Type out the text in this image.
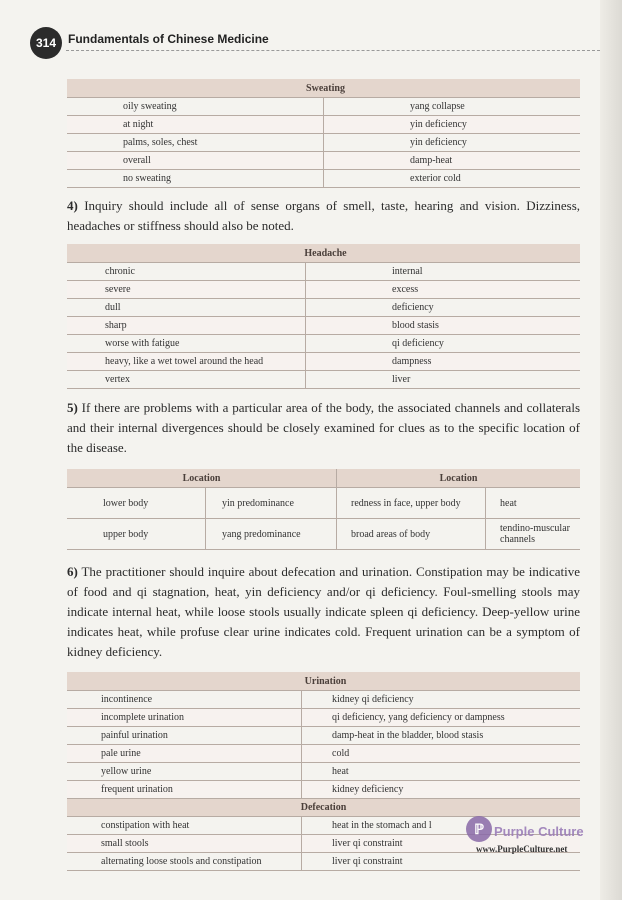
314 Fundamentals of Chinese Medicine
Sweating	
oily sweating	yang collapse
at night	yin deficiency
palms, soles, chest	yin deficiency
overall	damp-heat
no sweating	exterior cold

4) Inquiry should include all of sense organs of smell, taste, hearing and vision. Dizziness, headaches or stiffness should also be noted.

Headache	
chronic	internal
severe	excess
dull	deficiency
sharp	blood stasis
worse with fatigue	qi deficiency
heavy, like a wet towel around the head	dampness
vertex	liver

5) If there are problems with a particular area of the body, the associated channels and collaterals and their internal divergences should be closely examined for clues as to the specific location of the disease.

Location		Location	
lower body	yin predominance	redness in face, upper body	heat
upper body	yang predominance	broad areas of body	tendino-muscular channels

6) The practitioner should inquire about defecation and urination. Constipation may be indicative of food and qi stagnation, heat, yin deficiency and/or qi deficiency. Foul-smelling stools may indicate internal heat, while loose stools usually indicate spleen qi deficiency. Deep-yellow urine indicates heat, while profuse clear urine indicates cold. Frequent urination can be a symptom of kidney deficiency.

Urination	
incontinence	kidney qi deficiency
incomplete urination	qi deficiency, yang deficiency or dampness
painful urination	damp-heat in the bladder, blood stasis
pale urine	cold
yellow urine	heat
frequent urination	kidney deficiency
Defecation	
constipation with heat	heat in the stomach and l
small stools	liver qi constraint
alternating loose stools and constipation	liver qi constraint
ℙ Purple Culture
www.PurpleCulture.net
